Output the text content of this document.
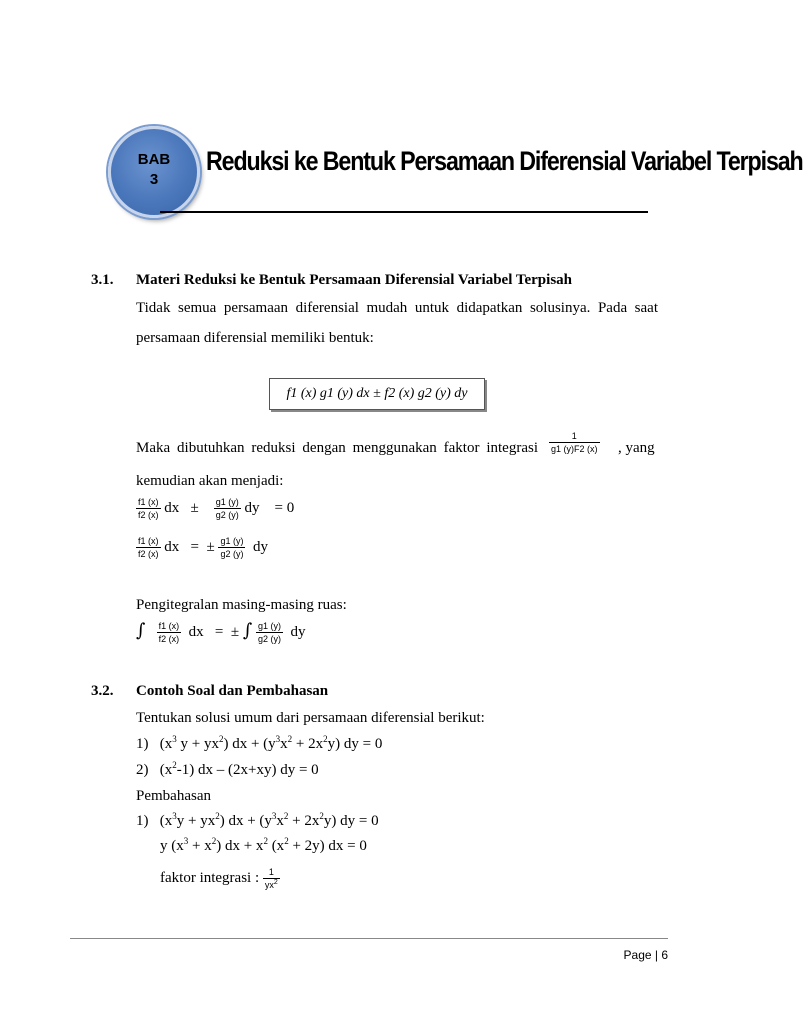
BAB
3
Reduksi ke Bentuk Persamaan Diferensial Variabel Terpisah
3.1. Materi Reduksi ke Bentuk Persamaan Diferensial Variabel Terpisah
Tidak semua persamaan diferensial mudah untuk didapatkan solusinya. Pada saat
persamaan diferensial memiliki bentuk:
f1 (x) g1 (y) dx ± f2 (x) g2 (y) dy
Maka dibutuhkan reduksi dengan menggunakan faktor integrasi $\frac{1}{g1 (y)F2 (x)}$ , yang
kemudian akan menjadi:
$\frac{f1 (x)}{f2 (x)}$ dx ± $\frac{g1 (y)}{g2 (y)}$ dy = 0
$\frac{f1 (x)}{f2 (x)}$ dx = ± $\frac{g1 (y)}{g2 (y)}$ dy
Pengitegralan masing-masing ruas:
∫ $\frac{f1 (x)}{f2 (x)}$ dx = ± ∫ $\frac{g1 (y)}{g2 (y)}$ dy
3.2. Contoh Soal dan Pembahasan
Tentukan solusi umum dari persamaan diferensial berikut:
1) ($x^3$ $y + yx^2$) dx + $(y^3x^2 + 2x^2y)$ dy = 0
2) $(x^2-1)$ dx – (2x+xy) dy = 0
Pembahasan
1) $(x^3y + yx^2)$ dx + $(y^3x^2 + 2x^2y)$ dy = 0
y $(x^3 + x^2)$ dx + $x^2$ $(x^2 + 2y)$ dx = 0
faktor integrasi : $\frac{1}{yx^2}$
Page | 6
